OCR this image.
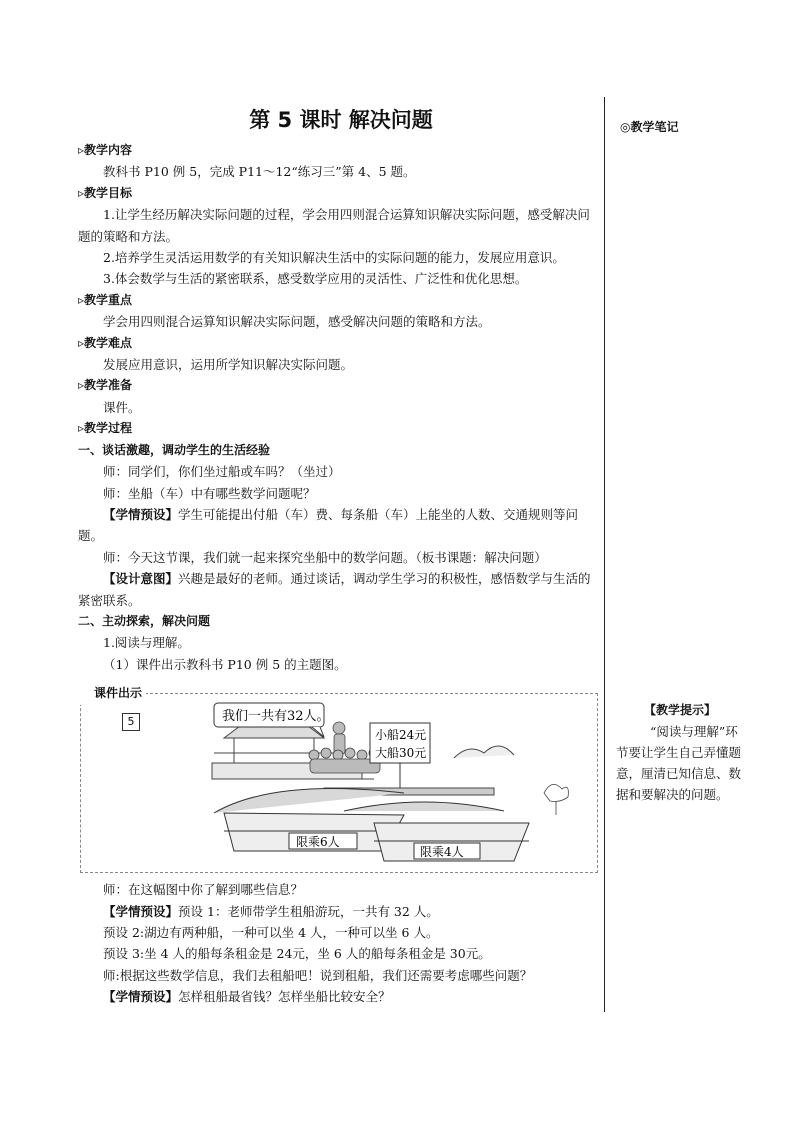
第 5 课时 解决问题	◎教学笔记

▹教学内容

教科书 P10 例 5，完成 P11～12“练习三”第 4、5 题。

▹教学目标

1.让学生经历解决实际问题的过程，学会用四则混合运算知识解决实际问题，感受解决问题的策略和方法。

2.培养学生灵活运用数学的有关知识解决生活中的实际问题的能力，发展应用意识。

3.体会数学与生活的紧密联系，感受数学应用的灵活性、广泛性和优化思想。

▹教学重点

学会用四则混合运算知识解决实际问题，感受解决问题的策略和方法。

▹教学难点

发展应用意识，运用所学知识解决实际问题。

▹教学准备

课件。

▹教学过程

一、谈话激趣，调动学生的生活经验

师：同学们，你们坐过船或车吗？（坐过）

师：坐船（车）中有哪些数学问题呢？

【学情预设】学生可能提出付船（车）费、每条船（车）上能坐的人数、交通规则等问题。

师：今天这节课，我们就一起来探究坐船中的数学问题。（板书课题：解决问题）

【设计意图】兴趣是最好的老师。通过谈话，调动学生学习的积极性，感悟数学与生活的紧密联系。

二、主动探索，解决问题

1.阅读与理解。

（1）课件出示教科书 P10 例 5 的主题图。

课件出示
5	我们一共有32人。
小船24元
大船30元
限乘6人
限乘4人

师：在这幅图中你了解到哪些信息？

【学情预设】预设 1：老师带学生租船游玩，一共有 32 人。

预设 2:湖边有两种船，一种可以坐 4 人，一种可以坐 6 人。

预设 3:坐 4 人的船每条租金是 24元，坐 6 人的船每条租金是 30元。

师:根据这些数学信息，我们去租船吧！说到租船，我们还需要考虑哪些问题？

【学情预设】怎样租船最省钱？怎样坐船比较安全？

【教学提示】
“阅读与理解”环节要让学生自己弄懂题意，厘清已知信息、数据和要解决的问题。
